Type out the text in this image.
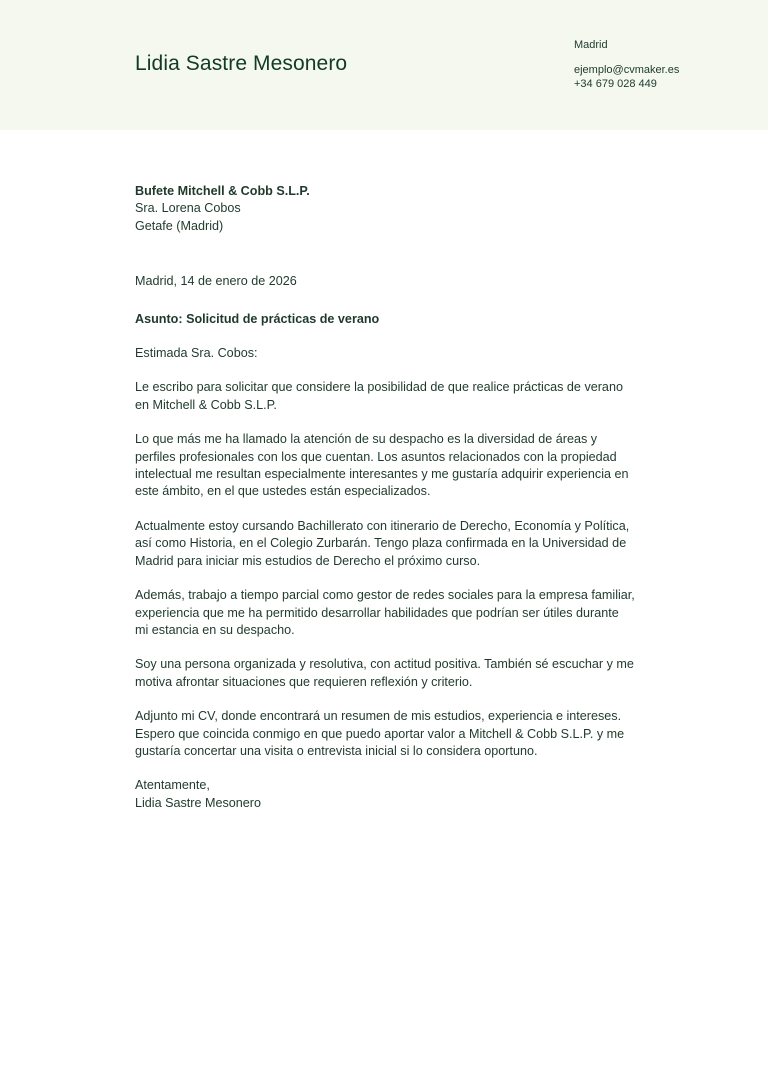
Lidia Sastre Mesonero
Madrid
ejemplo@cvmaker.es
+34 679 028 449
Bufete Mitchell & Cobb S.L.P.
Sra. Lorena Cobos
Getafe (Madrid)
Madrid, 14 de enero de 2026
Asunto: Solicitud de prácticas de verano
Estimada Sra. Cobos:
Le escribo para solicitar que considere la posibilidad de que realice prácticas de verano en Mitchell & Cobb S.L.P.
Lo que más me ha llamado la atención de su despacho es la diversidad de áreas y perfiles profesionales con los que cuentan. Los asuntos relacionados con la propiedad intelectual me resultan especialmente interesantes y me gustaría adquirir experiencia en este ámbito, en el que ustedes están especializados.
Actualmente estoy cursando Bachillerato con itinerario de Derecho, Economía y Política, así como Historia, en el Colegio Zurbarán. Tengo plaza confirmada en la Universidad de Madrid para iniciar mis estudios de Derecho el próximo curso.
Además, trabajo a tiempo parcial como gestor de redes sociales para la empresa familiar, experiencia que me ha permitido desarrollar habilidades que podrían ser útiles durante mi estancia en su despacho.
Soy una persona organizada y resolutiva, con actitud positiva. También sé escuchar y me motiva afrontar situaciones que requieren reflexión y criterio.
Adjunto mi CV, donde encontrará un resumen de mis estudios, experiencia e intereses. Espero que coincida conmigo en que puedo aportar valor a Mitchell & Cobb S.L.P. y me gustaría concertar una visita o entrevista inicial si lo considera oportuno.
Atentamente,
Lidia Sastre Mesonero
